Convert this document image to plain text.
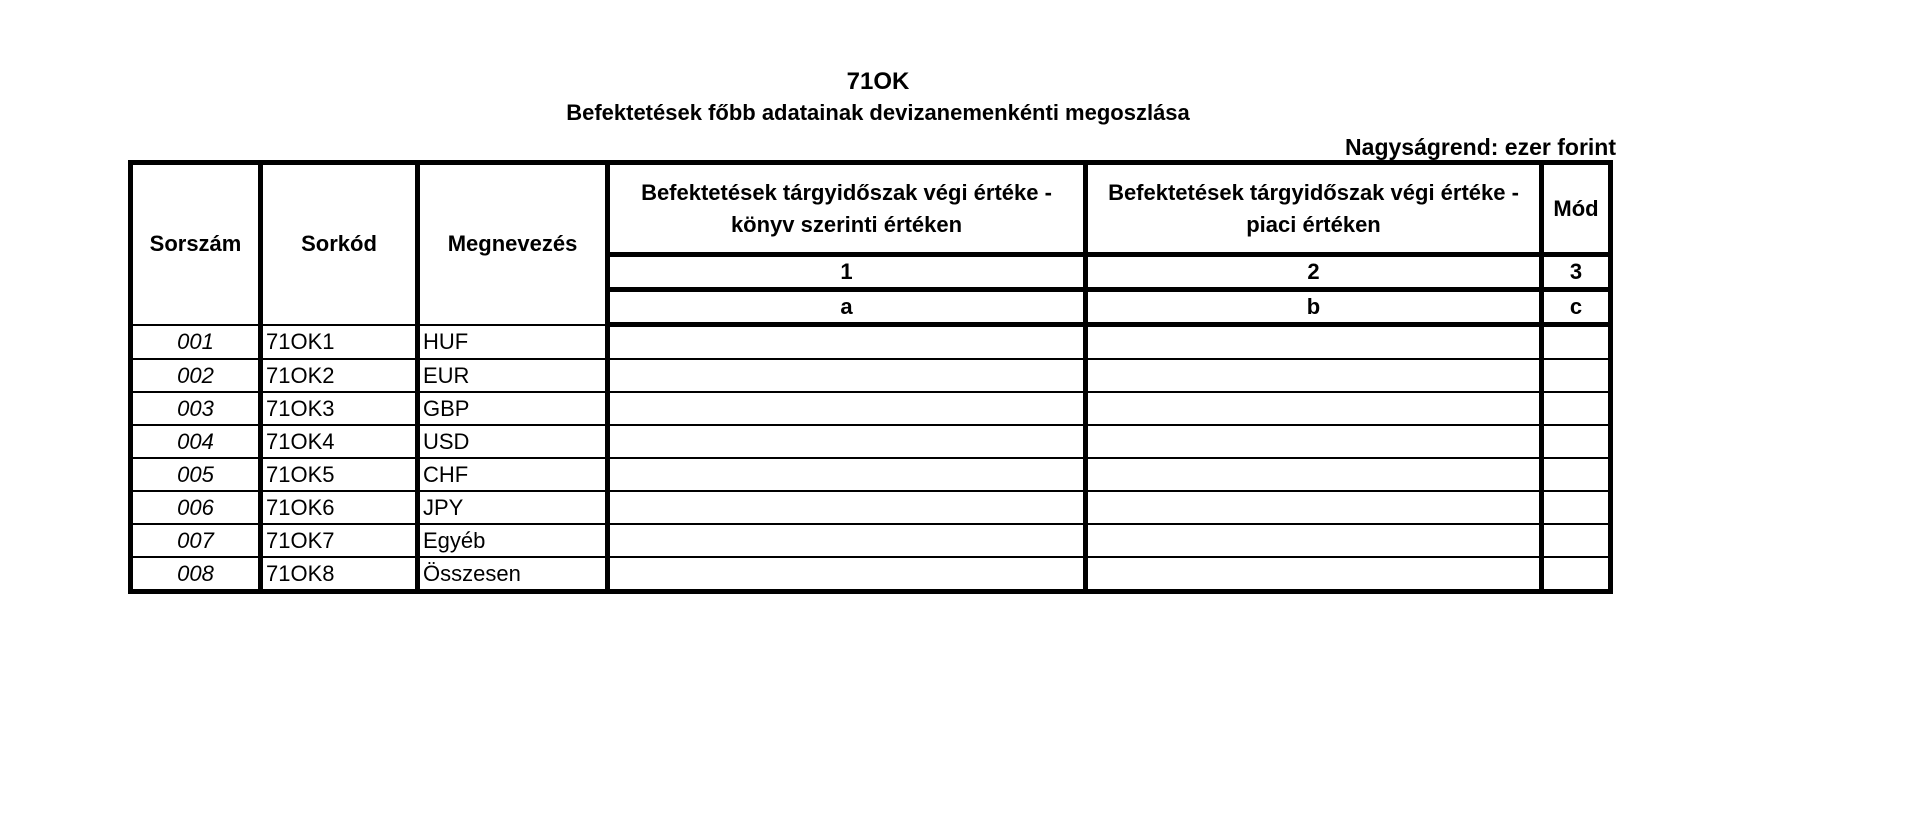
71OK
Befektetések főbb adatainak devizanemenkénti megoszlása
Nagyságrend: ezer forint
Sorszám	Sorkód	Megnevezés	Befektetések tárgyidőszak végi értéke - könyv szerinti értéken	Befektetések tárgyidőszak végi értéke - piaci értéken	Mód
			1	2	3
			a	b	c
001	71OK1	HUF			
002	71OK2	EUR			
003	71OK3	GBP			
004	71OK4	USD			
005	71OK5	CHF			
006	71OK6	JPY			
007	71OK7	Egyéb			
008	71OK8	Összesen			
